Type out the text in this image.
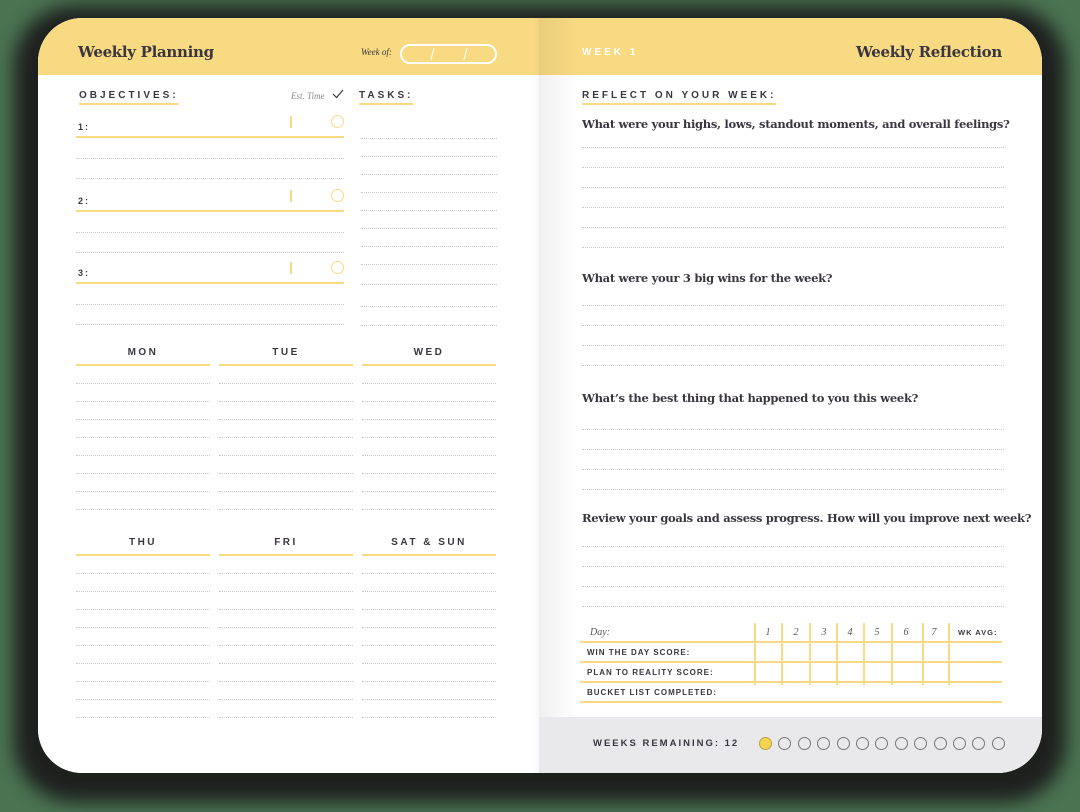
Weekly Planning	Week of:
OBJECTIVES:	Est. Time	TASKS:
1:
2:
3:
MON	TUE	WED
THU	FRI	SAT & SUN
WEEK 1	Weekly Reflection
REFLECT ON YOUR WEEK:
What were your highs, lows, standout moments, and overall feelings?
What were your 3 big wins for the week?
What’s the best thing that happened to you this week?
Review your goals and assess progress. How will you improve next week?
Day:	1	2	3	4	5	6	7	WK AVG:
WIN THE DAY SCORE:
PLAN TO REALITY SCORE:
BUCKET LIST COMPLETED:
WEEKS REMAINING: 12
